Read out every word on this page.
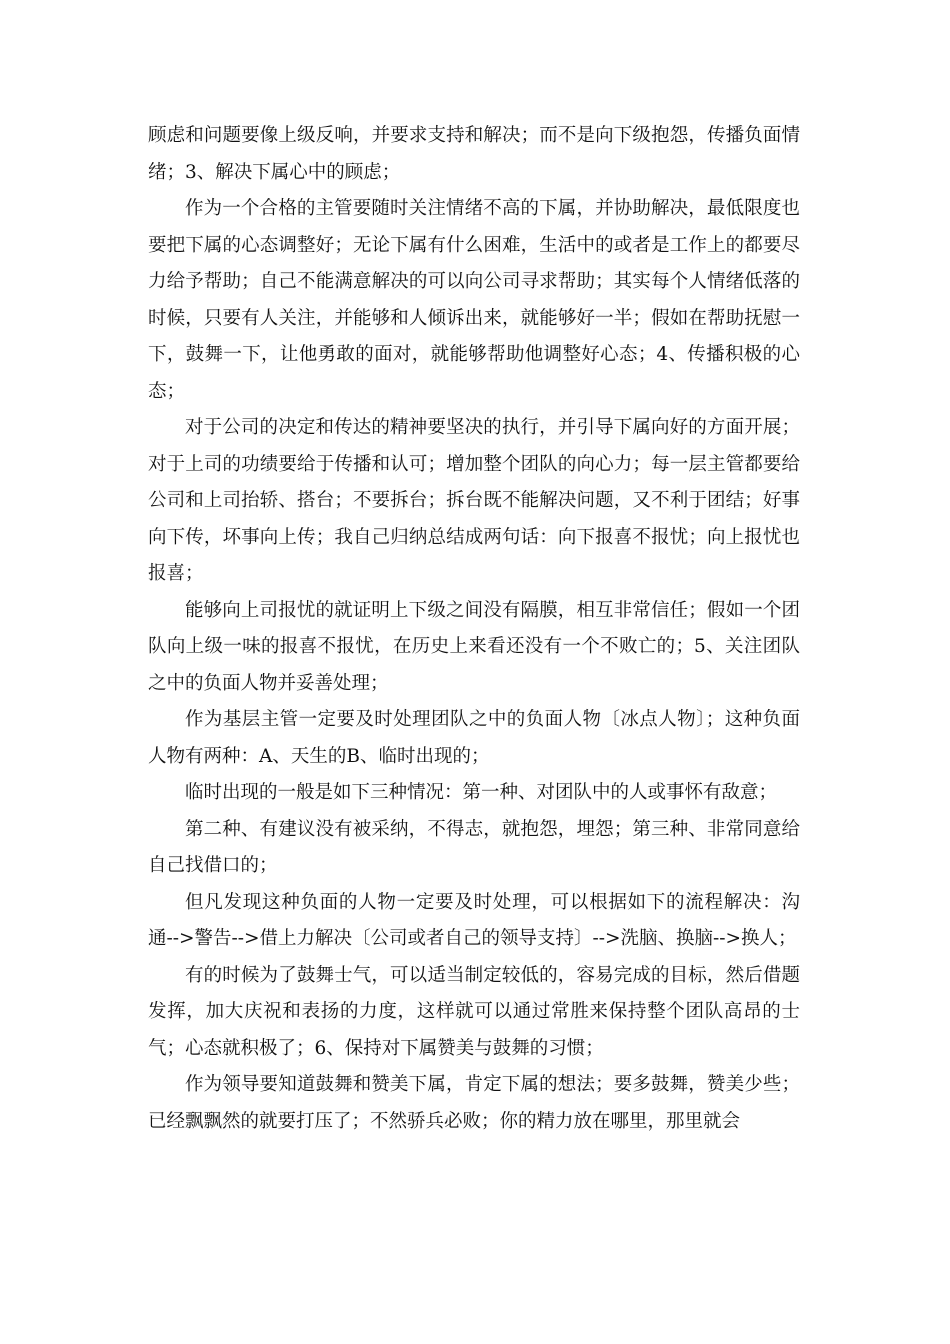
顾虑和问题要像上级反响，并要求支持和解决；而不是向下级抱怨，传播负面情绪；3、解决下属心中的顾虑；

作为一个合格的主管要随时关注情绪不高的下属，并协助解决，最低限度也要把下属的心态调整好；无论下属有什么困难，生活中的或者是工作上的都要尽力给予帮助；自己不能满意解决的可以向公司寻求帮助；其实每个人情绪低落的时候，只要有人关注，并能够和人倾诉出来，就能够好一半；假如在帮助抚慰一下，鼓舞一下，让他勇敢的面对，就能够帮助他调整好心态；4、传播积极的心态；

对于公司的决定和传达的精神要坚决的执行，并引导下属向好的方面开展；对于上司的功绩要给于传播和认可；增加整个团队的向心力；每一层主管都要给公司和上司抬轿、搭台；不要拆台；拆台既不能解决问题，又不利于团结；好事向下传，坏事向上传；我自己归纳总结成两句话：向下报喜不报忧；向上报忧也报喜；

能够向上司报忧的就证明上下级之间没有隔膜，相互非常信任；假如一个团队向上级一味的报喜不报忧，在历史上来看还没有一个不败亡的；5、关注团队之中的负面人物并妥善处理；

作为基层主管一定要及时处理团队之中的负面人物〔冰点人物〕；这种负面人物有两种：A、天生的B、临时出现的；

临时出现的一般是如下三种情况：第一种、对团队中的人或事怀有敌意；

第二种、有建议没有被采纳，不得志，就抱怨，埋怨；第三种、非常同意给自己找借口的；

但凡发现这种负面的人物一定要及时处理，可以根据如下的流程解决：沟通-->警告-->借上力解决〔公司或者自己的领导支持〕-->洗脑、换脑-->换人；

有的时候为了鼓舞士气，可以适当制定较低的，容易完成的目标，然后借题发挥，加大庆祝和表扬的力度，这样就可以通过常胜来保持整个团队高昂的士气；心态就积极了；6、保持对下属赞美与鼓舞的习惯；

作为领导要知道鼓舞和赞美下属，肯定下属的想法；要多鼓舞，赞美少些；已经飘飘然的就要打压了；不然骄兵必败；你的精力放在哪里，那里就会
